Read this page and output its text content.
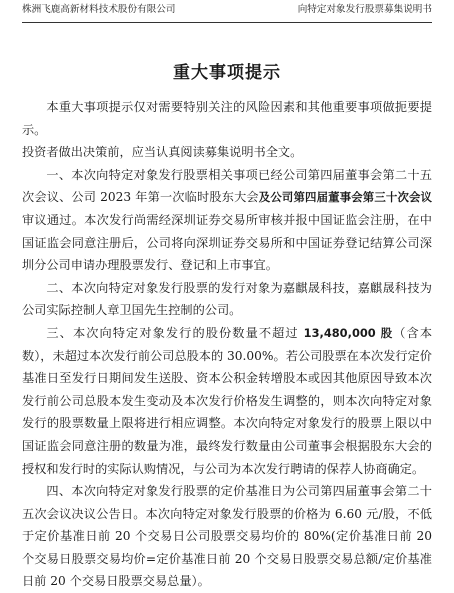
株洲飞鹿高新材料技术股份有限公司	向特定对象发行股票募集说明书
重大事项提示

本重大事项提示仅对需要特别关注的风险因素和其他重要事项做扼要提示。

投资者做出决策前，应当认真阅读募集说明书全文。

一、本次向特定对象发行股票相关事项已经公司第四届董事会第二十五次会议、公司 2023 年第一次临时股东大会及公司第四届董事会第三十次会议审议通过。本次发行尚需经深圳证券交易所审核并报中国证监会注册，在中国证监会同意注册后，公司将向深圳证券交易所和中国证券登记结算公司深圳分公司申请办理股票发行、登记和上市事宜。

二、本次向特定对象发行股票的发行对象为嘉麒晟科技，嘉麒晟科技为公司实际控制人章卫国先生控制的公司。

三、本次向特定对象发行的股份数量不超过 13,480,000 股（含本数），未超过本次发行前公司总股本的 30.00%。若公司股票在本次发行定价基准日至发行日期间发生送股、资本公积金转增股本或因其他原因导致本次发行前公司总股本发生变动及本次发行价格发生调整的，则本次向特定对象发行的股票数量上限将进行相应调整。本次向特定对象发行的股票上限以中国证监会同意注册的数量为准，最终发行数量由公司董事会根据股东大会的授权和发行时的实际认购情况，与公司为本次发行聘请的保荐人协商确定。

四、本次向特定对象发行股票的定价基准日为公司第四届董事会第二十五次会议决议公告日。本次向特定对象发行股票的价格为 6.60 元/股，不低于定价基准日前 20 个交易日公司股票交易均价的 80%(定价基准日前 20 个交易日股票交易均价=定价基准日前 20 个交易日股票交易总额/定价基准日前 20 个交易日股票交易总量）。
